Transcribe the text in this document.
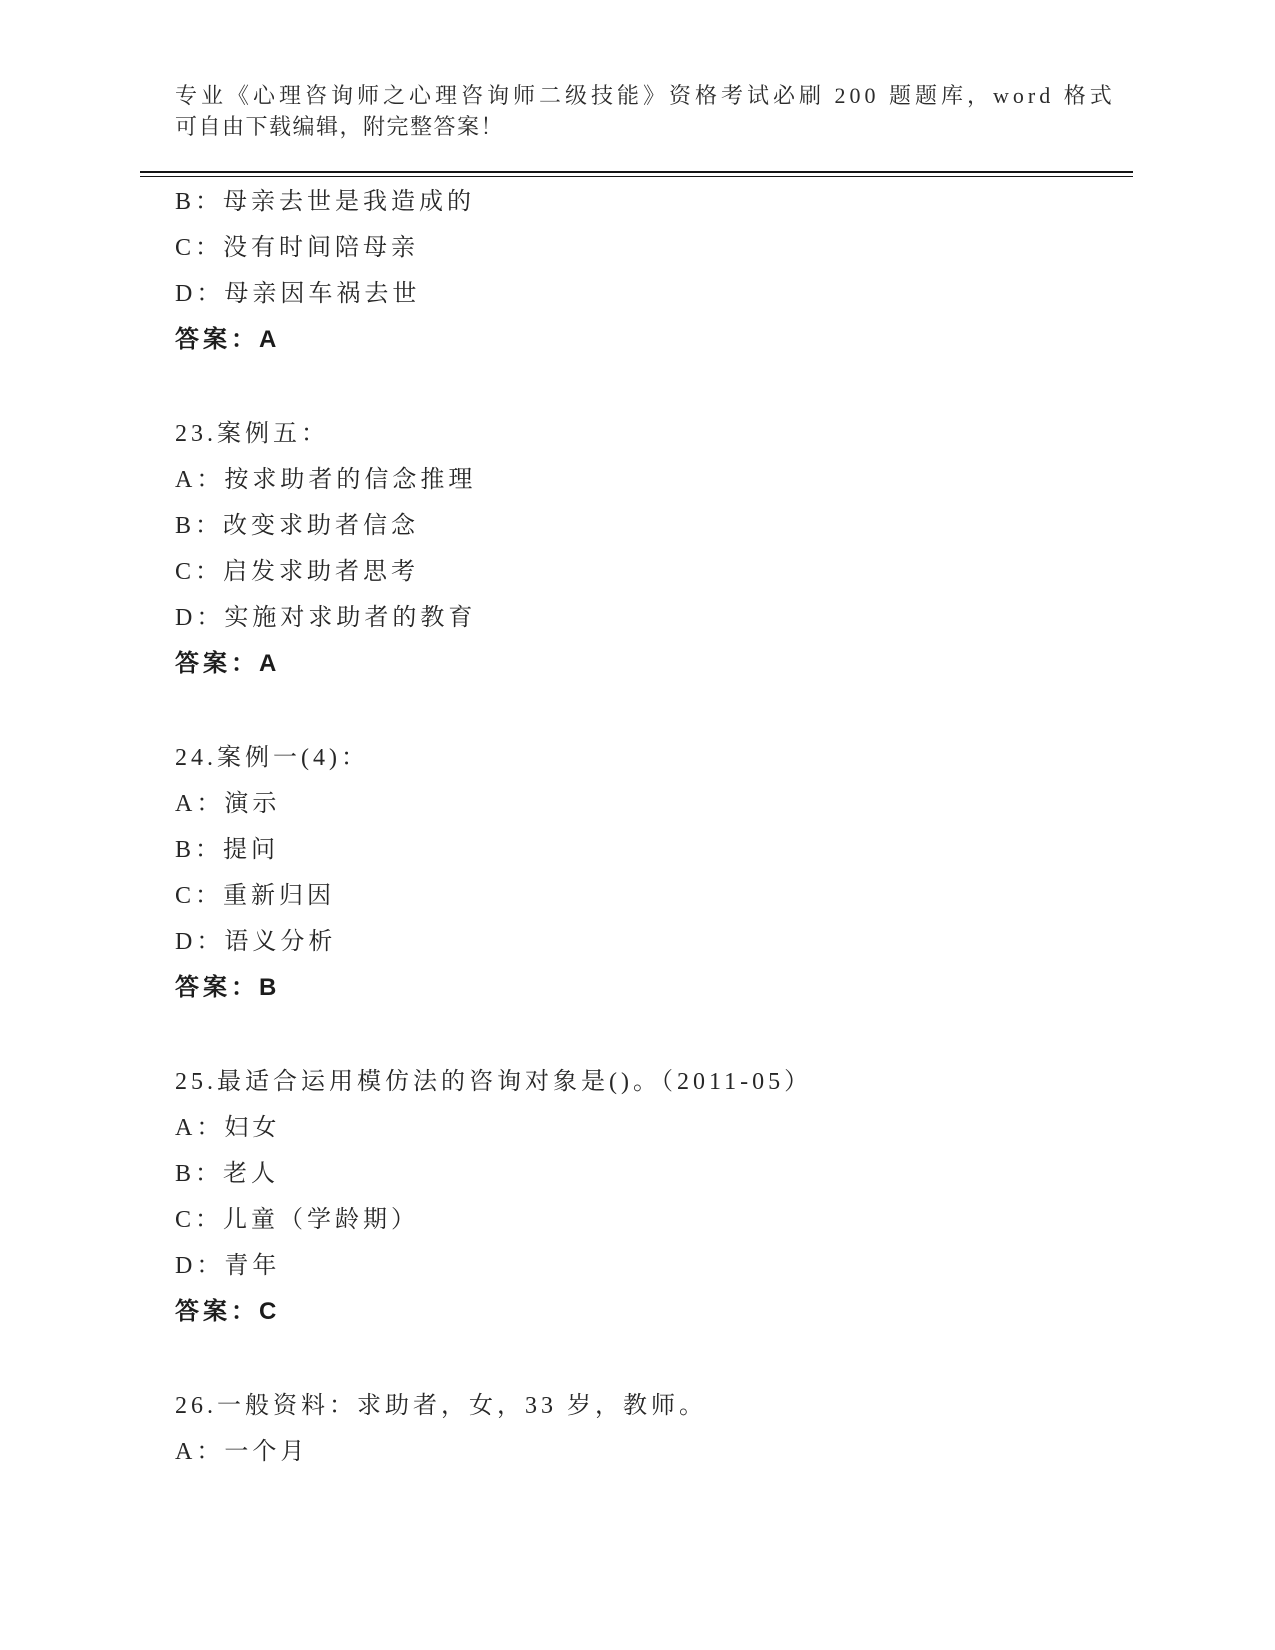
专业《心理咨询师之心理咨询师二级技能》资格考试必刷 200 题题库，word 格式
可自由下载编辑，附完整答案！
B：母亲去世是我造成的
C：没有时间陪母亲
D：母亲因车祸去世
答案：A
23.案例五：
A：按求助者的信念推理
B：改变求助者信念
C：启发求助者思考
D：实施对求助者的教育
答案：A
24.案例一(4)：
A：演示
B：提问
C：重新归因
D：语义分析
答案：B
25.最适合运用模仿法的咨询对象是()。（2011-05）
A：妇女
B：老人
C：儿童（学龄期）
D：青年
答案：C
26.一般资料：求助者，女，33 岁，教师。
A：一个月
